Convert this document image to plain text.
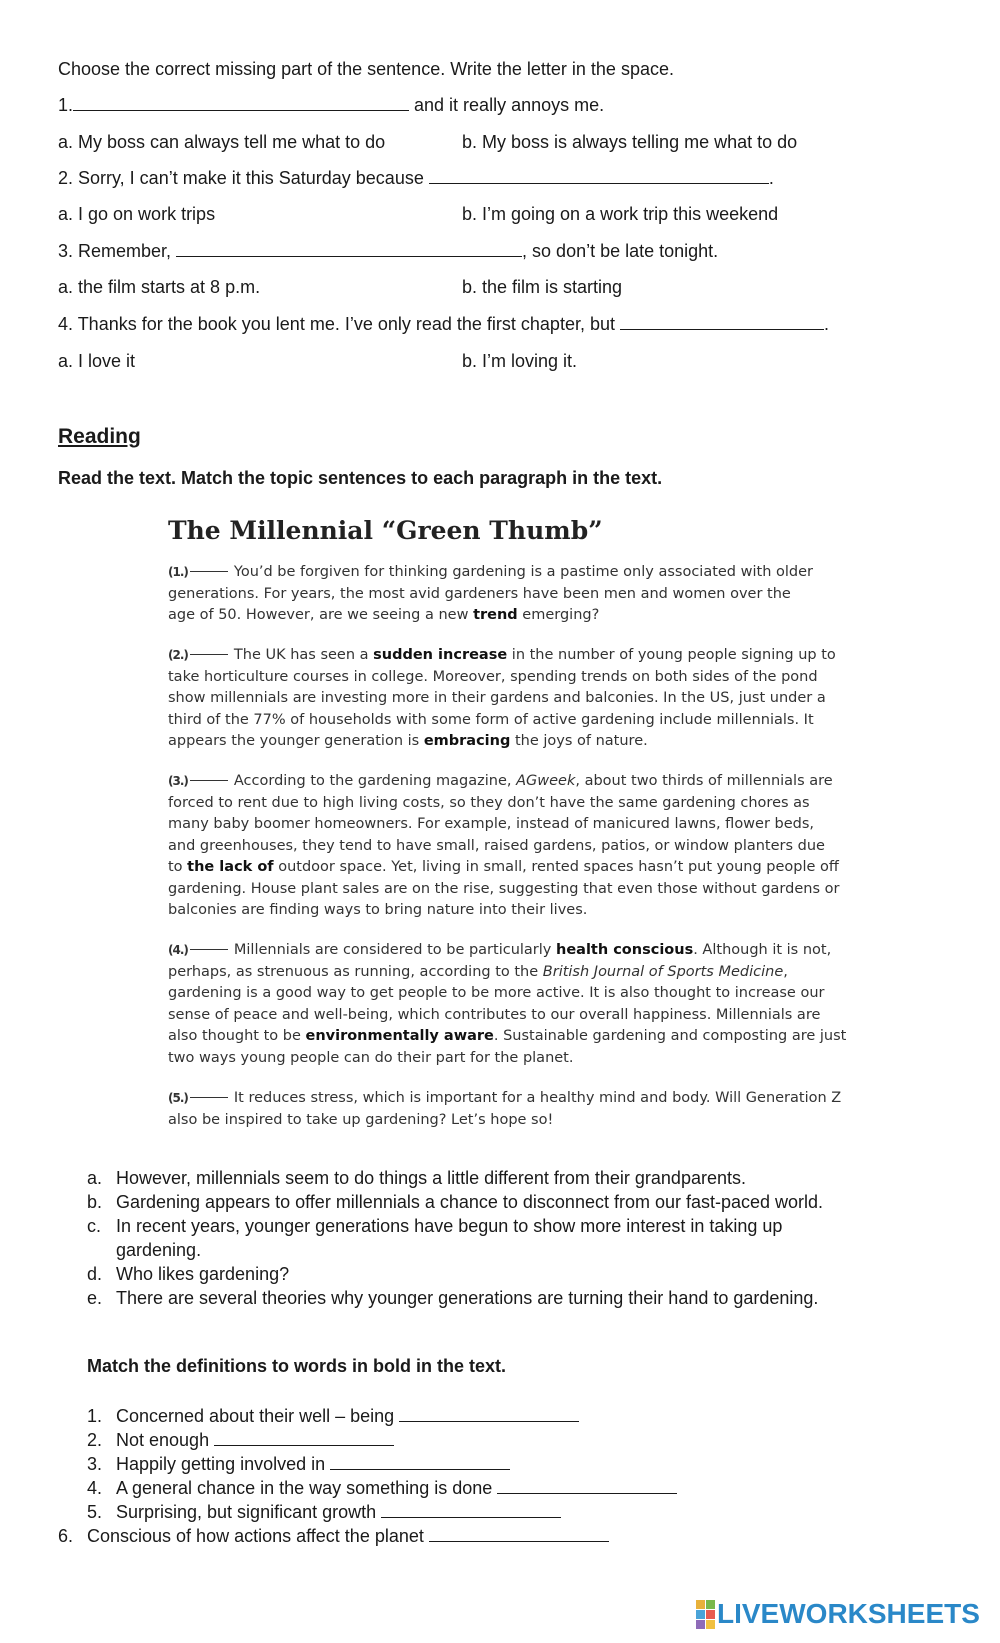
Choose the correct missing part of the sentence. Write the letter in the space.
1.	and it really annoys me.
a. My boss can always tell me what to do	b. My boss is always telling me what to do
2. Sorry, I can’t make it this Saturday because	.
a. I go on work trips	b. I’m going on a work trip this weekend
3. Remember,	, so don’t be late tonight.
a. the film starts at 8 p.m.	b. the film is starting
4. Thanks for the book you lent me. I’ve only read the first chapter, but	.
a. I love it	b. I’m loving it.
Reading
Read the text. Match the topic sentences to each paragraph in the text.
The Millennial “Green Thumb”
(1.)	You’d be forgiven for thinking gardening is a pastime only associated with older
generations. For years, the most avid gardeners have been men and women over the
age of 50. However, are we seeing a new trend emerging?
(2.)	The UK has seen a sudden increase in the number of young people signing up to
take horticulture courses in college. Moreover, spending trends on both sides of the pond
show millennials are investing more in their gardens and balconies. In the US, just under a
third of the 77% of households with some form of active gardening include millennials. It
appears the younger generation is embracing the joys of nature.
(3.)	According to the gardening magazine, AGweek, about two thirds of millennials are
forced to rent due to high living costs, so they don’t have the same gardening chores as
many baby boomer homeowners. For example, instead of manicured lawns, flower beds,
and greenhouses, they tend to have small, raised gardens, patios, or window planters due
to the lack of outdoor space. Yet, living in small, rented spaces hasn’t put young people off
gardening. House plant sales are on the rise, suggesting that even those without gardens or
balconies are finding ways to bring nature into their lives.
(4.)	Millennials are considered to be particularly health conscious. Although it is not,
perhaps, as strenuous as running, according to the British Journal of Sports Medicine,
gardening is a good way to get people to be more active. It is also thought to increase our
sense of peace and well-being, which contributes to our overall happiness. Millennials are
also thought to be environmentally aware. Sustainable gardening and composting are just
two ways young people can do their part for the planet.
(5.)	It reduces stress, which is important for a healthy mind and body. Will Generation Z
also be inspired to take up gardening? Let’s hope so!
a. However, millennials seem to do things a little different from their grandparents.
b. Gardening appears to offer millennials a chance to disconnect from our fast-paced world.
c. In recent years, younger generations have begun to show more interest in taking up
gardening.
d. Who likes gardening?
e. There are several theories why younger generations are turning their hand to gardening.
Match the definitions to words in bold in the text.
1. Concerned about their well – being
2. Not enough
3. Happily getting involved in
4. A general chance in the way something is done
5. Surprising, but significant growth
6. Conscious of how actions affect the planet
LIVEWORKSHEETS
